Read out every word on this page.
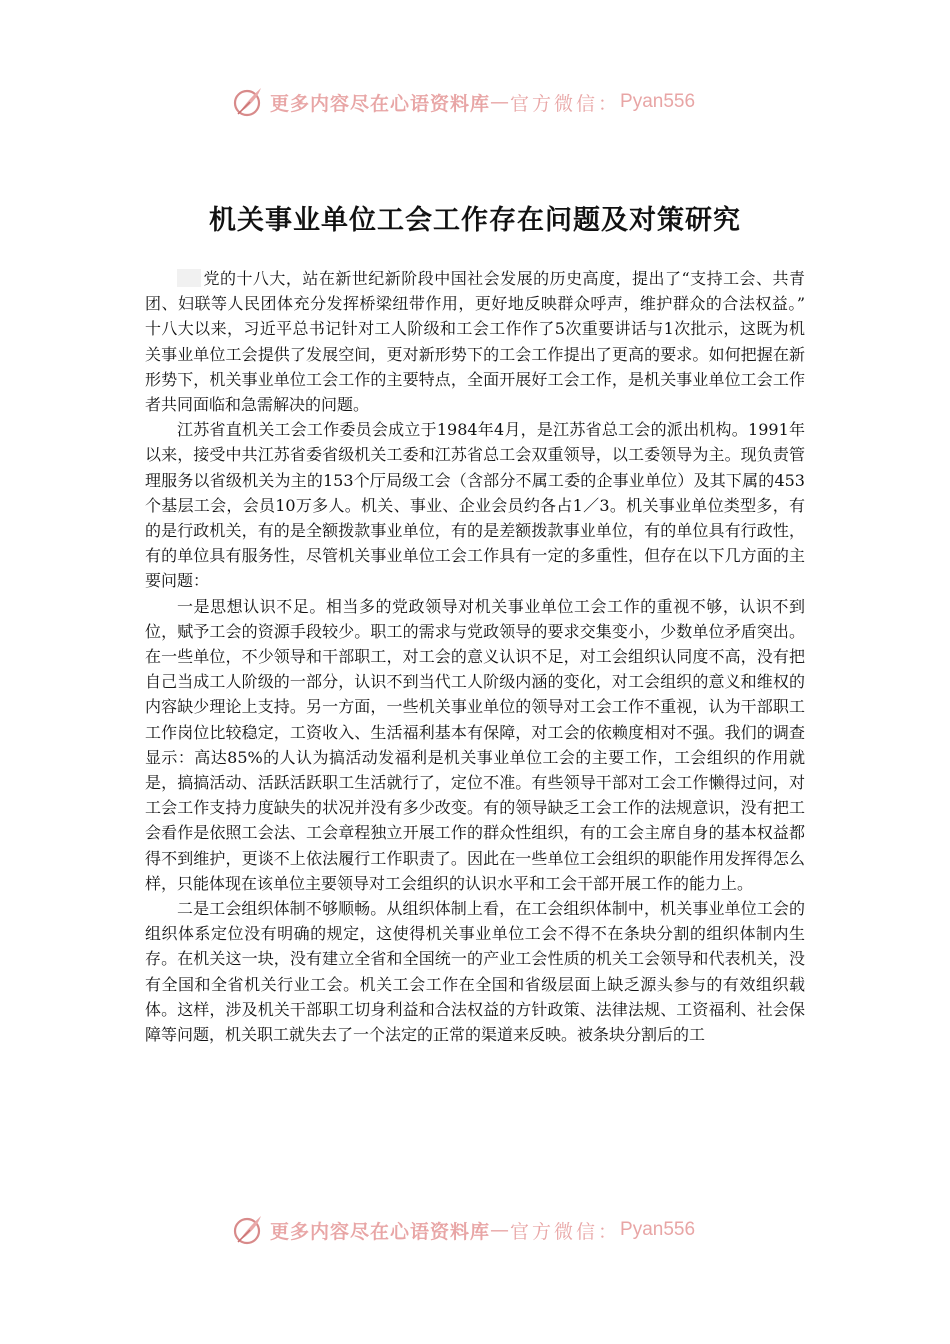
更多内容尽在心语资料库 — 官方微信： Pyan556
机关事业单位工会工作存在问题及对策研究

党的十八大，站在新世纪新阶段中国社会发展的历史高度，提出了“支持工会、共青团、妇联等人民团体充分发挥桥梁纽带作用，更好地反映群众呼声，维护群众的合法权益。” 十八大以来，习近平总书记针对工人阶级和工会工作作了5次重要讲话与1次批示，这既为机关事业单位工会提供了发展空间，更对新形势下的工会工作提出了更高的要求。如何把握在新形势下，机关事业单位工会工作的主要特点，全面开展好工会工作，是机关事业单位工会工作者共同面临和急需解决的问题。

江苏省直机关工会工作委员会成立于1984年4月，是江苏省总工会的派出机构。1991年以来，接受中共江苏省委省级机关工委和江苏省总工会双重领导，以工委领导为主。现负责管理服务以省级机关为主的153个厅局级工会（含部分不属工委的企事业单位）及其下属的453个基层工会，会员10万多人。机关、事业、企业会员约各占1／3。机关事业单位类型多，有的是行政机关，有的是全额拨款事业单位，有的是差额拨款事业单位，有的单位具有行政性，有的单位具有服务性，尽管机关事业单位工会工作具有一定的多重性，但存在以下几方面的主要问题：

一是思想认识不足。相当多的党政领导对机关事业单位工会工作的重视不够，认识不到位，赋予工会的资源手段较少。职工的需求与党政领导的要求交集变小，少数单位矛盾突出。在一些单位，不少领导和干部职工，对工会的意义认识不足，对工会组织认同度不高，没有把自己当成工人阶级的一部分，认识不到当代工人阶级内涵的变化，对工会组织的意义和维权的内容缺少理论上支持。另一方面，一些机关事业单位的领导对工会工作不重视，认为干部职工工作岗位比较稳定，工资收入、生活福利基本有保障，对工会的依赖度相对不强。我们的调查显示：高达85%的人认为搞活动发福利是机关事业单位工会的主要工作，工会组织的作用就是，搞搞活动、活跃活跃职工生活就行了，定位不准。有些领导干部对工会工作懒得过问，对工会工作支持力度缺失的状况并没有多少改变。有的领导缺乏工会工作的法规意识，没有把工会看作是依照工会法、工会章程独立开展工作的群众性组织，有的工会主席自身的基本权益都得不到维护，更谈不上依法履行工作职责了。因此在一些单位工会组织的职能作用发挥得怎么样，只能体现在该单位主要领导对工会组织的认识水平和工会干部开展工作的能力上。

二是工会组织体制不够顺畅。从组织体制上看，在工会组织体制中，机关事业单位工会的组织体系定位没有明确的规定，这使得机关事业单位工会不得不在条块分割的组织体制内生存。在机关这一块，没有建立全省和全国统一的产业工会性质的机关工会领导和代表机关，没有全国和全省机关行业工会。机关工会工作在全国和省级层面上缺乏源头参与的有效组织载体。这样，涉及机关干部职工切身利益和合法权益的方针政策、法律法规、工资福利、社会保障等问题，机关职工就失去了一个法定的正常的渠道来反映。被条块分割后的工

更多内容尽在心语资料库 — 官方微信： Pyan556
